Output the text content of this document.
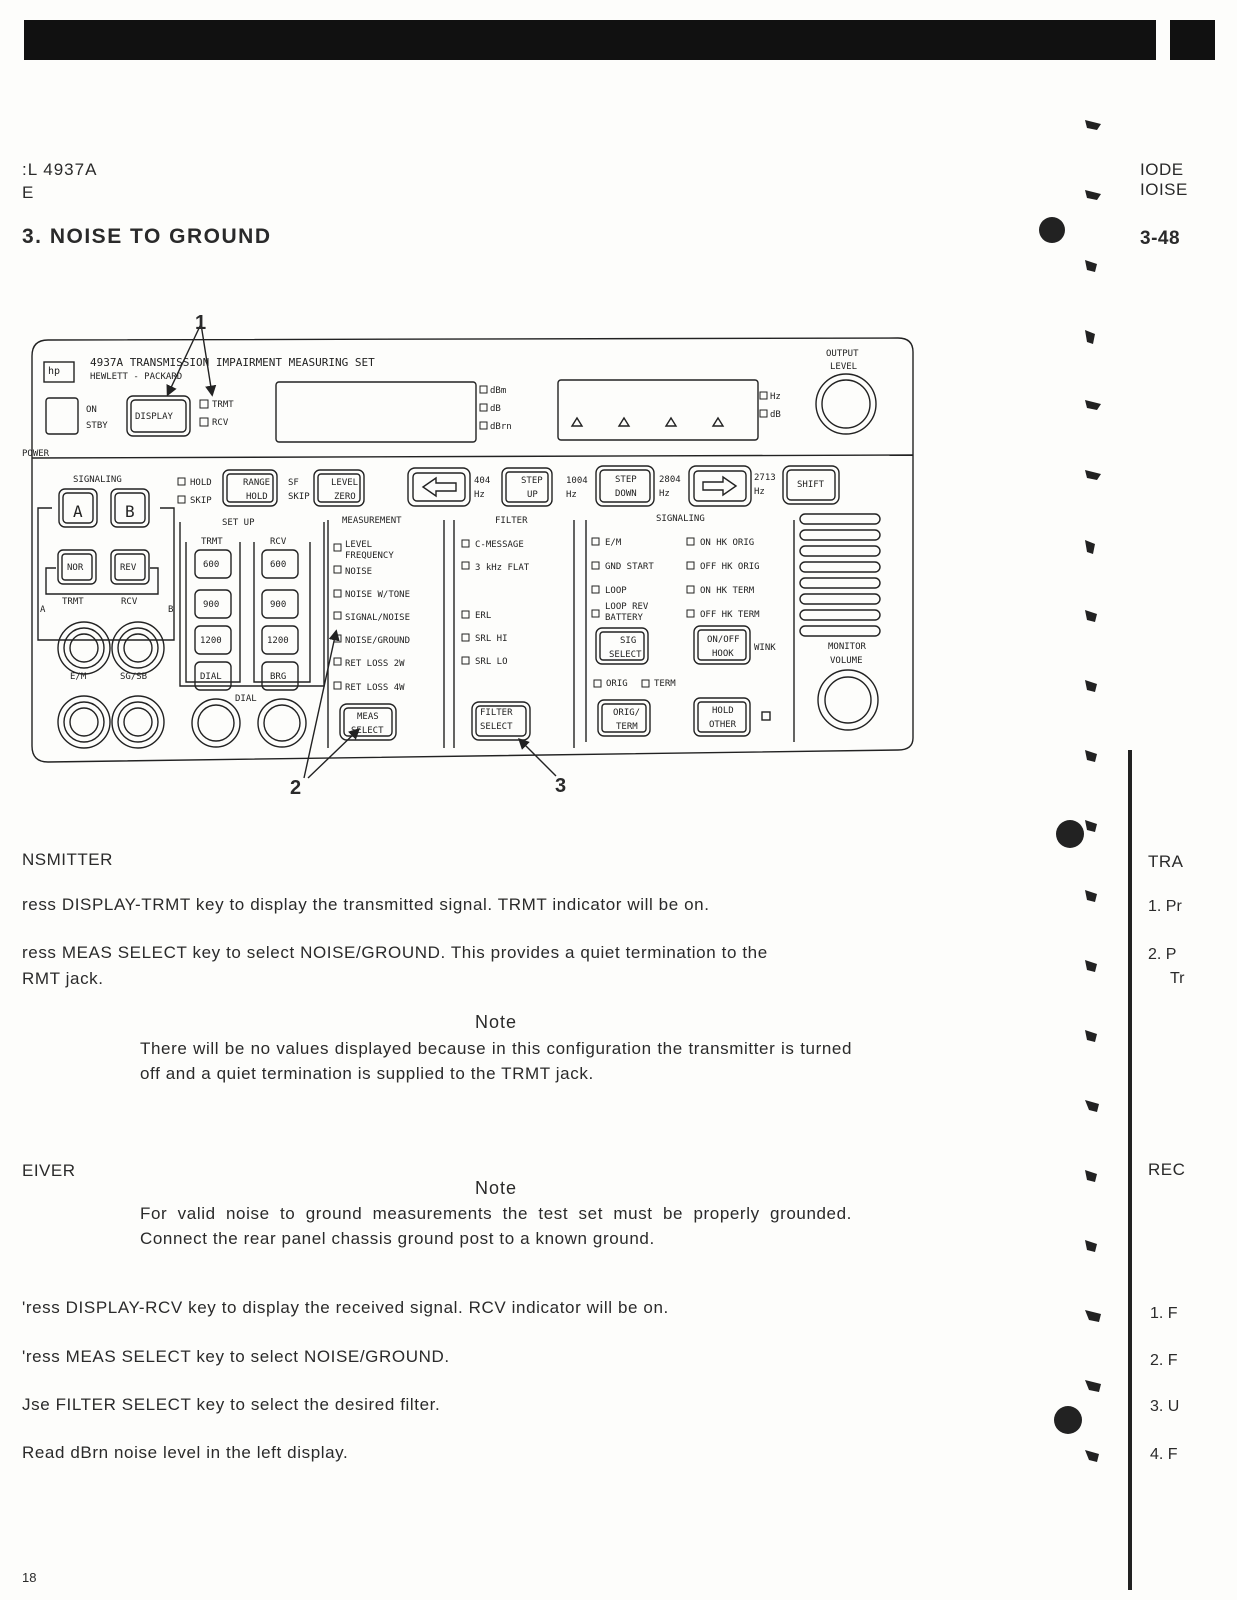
:L 4937A
E
3. NOISE TO GROUND
1
2	3
hp
4937A TRANSMISSION IMPAIRMENT MEASURING SET
HEWLETT - PACKARD
OUTPUT
LEVEL
POWER
ON
STBY
DISPLAY
TRMT
RCV
dBm
dB
dBrn
Hz
dB
SIGNALING
A	B
NOR	REV
TRMT	RCV
A	B
E/M	SG/SB
HOLD
SKIP
RANGE
HOLD
SF
SKIP
LEVEL
ZERO
404
Hz
STEP
UP
1004
Hz
STEP
DOWN
2804
Hz
2713
Hz
SHIFT
SET UP
TRMT	RCV
600
900
1200
DIAL
600
900
1200
BRG
DIAL
MEASUREMENT
LEVEL FREQUENCY
NOISE
NOISE W/TONE
SIGNAL/NOISE
NOISE/GROUND
RET LOSS 2W
RET LOSS 4W
MEAS
SELECT
FILTER
C-MESSAGE
3 kHz FLAT
ERL
SRL HI
SRL LO
FILTER
SELECT
SIGNALING
E/M
GND START
LOOP
LOOP REV BATTERY
ON HK ORIG
OFF HK ORIG
ON HK TERM
OFF HK TERM
SIG
SELECT
ON/OFF
HOOK
WINK
ORIG	TERM
ORIG/
TERM
HOLD
OTHER
MONITOR
VOLUME
NSMITTER
ress DISPLAY-TRMT key to display the transmitted signal. TRMT indicator will be on.
ress MEAS SELECT key to select NOISE/GROUND. This provides a quiet termination to the
RMT jack.
Note
There will be no values displayed because in this configuration the transmitter is turned off and a quiet termination is supplied to the TRMT jack.
EIVER
Note
For valid noise to ground measurements the test set must be properly grounded. Connect the rear panel chassis ground post to a known ground.
'ress DISPLAY-RCV key to display the received signal. RCV indicator will be on.
'ress MEAS SELECT key to select NOISE/GROUND.
Jse FILTER SELECT key to select the desired filter.
Read dBrn noise level in the left display.
18
IODE
IOISE
3-48
TRA
1. Pr
2. P
Tr
REC
1. F
2. F
3. U
4. F
